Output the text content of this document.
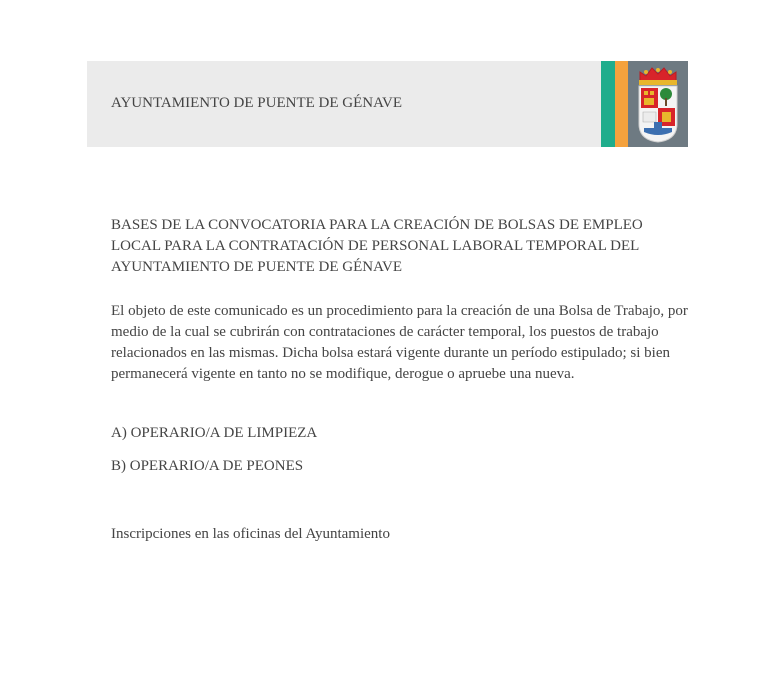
AYUNTAMIENTO DE PUENTE DE GÉNAVE
BASES DE LA CONVOCATORIA PARA LA CREACIÓN DE BOLSAS DE EMPLEO LOCAL PARA LA CONTRATACIÓN DE PERSONAL LABORAL TEMPORAL DEL AYUNTAMIENTO DE PUENTE DE GÉNAVE
El objeto de este comunicado es un procedimiento para la creación de una Bolsa de Trabajo, por medio de la cual se cubrirán con contrataciones de carácter temporal, los puestos de trabajo relacionados en las mismas. Dicha bolsa estará vigente durante un período estipulado; si bien permanecerá vigente en tanto no se modifique, derogue o apruebe una nueva.
A) OPERARIO/A DE LIMPIEZA
B) OPERARIO/A DE PEONES
Inscripciones en las oficinas del Ayuntamiento
